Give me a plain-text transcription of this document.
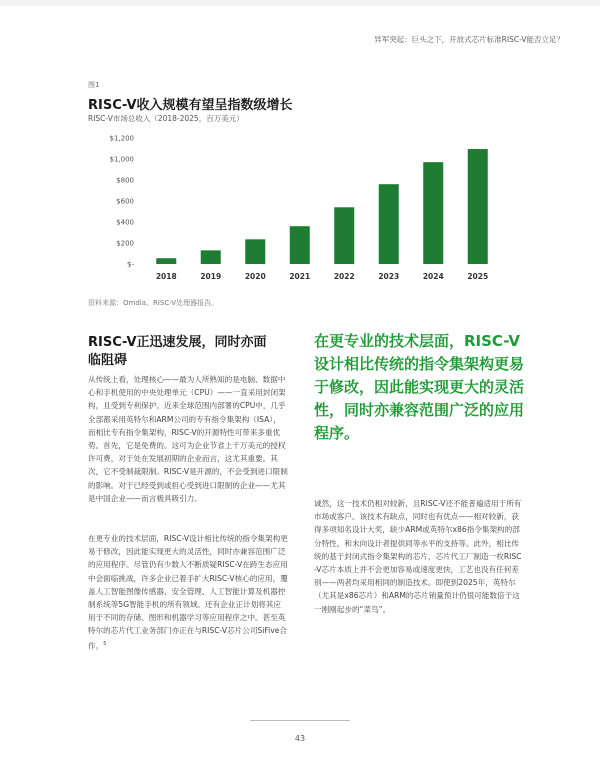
异军突起：巨头之下，开放式芯片标准RISC-V能否立足？
图1
RISC-V收入规模有望呈指数级增长
RISC-V市场总收入（2018-2025，百万美元）
$-
$200
$400
$600
$800
$1,000
$1,200
2018	2019	2020	2021	2022	2023	2024	2025
资料来源：Omdia、RISC-V处理器报告。
RISC-V正迅速发展，同时亦面临阻碍

从传统上看，处理核心——最为人所熟知的是电脑、数据中心和手机使用的中央处理单元（CPU）——一直采用封闭架构，且受到专利保护。近来全球范围内部署的CPU中，几乎全部都采用英特尔和ARM公司的专有指令集架构（ISA），而相比专有指令集架构，RISC-V的开源特性可带来多重优势。首先，它是免费的。这可为企业节省上千万美元的授权许可费，对于处在发展初期的企业而言，这尤其重要。其次，它不受制裁限制。RISC-V是开源的，不会受到进口限制的影响。对于已经受到或担心受到进口限制的企业——尤其是中国企业——而言极具吸引力。

在更专业的技术层面，RISC-V设计相比传统的指令集架构更易于修改，因此能实现更大的灵活性，同时亦兼容范围广泛的应用程序。尽管仍有少数人不断质疑RISC-V在跨生态应用中会面临挑战，许多企业已着手扩大RISC-V核心的应用，覆盖人工智能图像传感器、安全管理、人工智能计算及机器控制系统等5G智能手机的所有领域。还有企业正计划将其应用于不同的存储、图形和机器学习等应用程序之中。甚至英特尔的芯片代工业务部门亦正在与RISC-V芯片公司SiFive合作。$^5$

在更专业的技术层面，RISC-V设计相比传统的指令集架构更易于修改，因此能实现更大的灵活性，同时亦兼容范围广泛的应用程序。

诚然，这一技术仍相对较新，且RISC-V还不能普遍适用于所有市场或客户。该技术有缺点，同时也有优点——相对较新，获得多项知名设计大奖，缺少ARM或英特尔x86指令集架构的部分特性，和未向设计者提供同等水平的支持等。此外，相比传统的基于封闭式指令集架构的芯片，芯片代工厂制造一枚RISC-V芯片本质上并不会更加容易或速度更快，工艺也没有任何差别——两者均采用相同的制造技术。即使到2025年，英特尔（尤其是x86芯片）和ARM的芯片销量预计仍很可能数倍于这一刚刚起步的“菜鸟”。

43
